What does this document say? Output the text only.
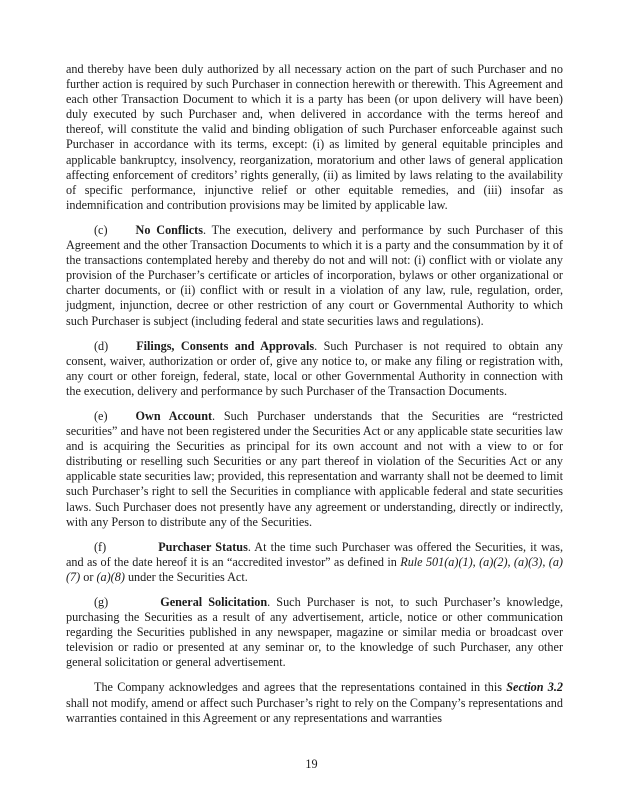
and thereby have been duly authorized by all necessary action on the part of such Purchaser and no further action is required by such Purchaser in connection herewith or therewith. This Agreement and each other Transaction Document to which it is a party has been (or upon delivery will have been) duly executed by such Purchaser and, when delivered in accordance with the terms hereof and thereof, will constitute the valid and binding obligation of such Purchaser enforceable against such Purchaser in accordance with its terms, except: (i) as limited by general equitable principles and applicable bankruptcy, insolvency, reorganization, moratorium and other laws of general application affecting enforcement of creditors’ rights generally, (ii) as limited by laws relating to the availability of specific performance, injunctive relief or other equitable remedies, and (iii) insofar as indemnification and contribution provisions may be limited by applicable law.

(c) No Conflicts. The execution, delivery and performance by such Purchaser of this Agreement and the other Transaction Documents to which it is a party and the consummation by it of the transactions contemplated hereby and thereby do not and will not: (i) conflict with or violate any provision of the Purchaser’s certificate or articles of incorporation, bylaws or other organizational or charter documents, or (ii) conflict with or result in a violation of any law, rule, regulation, order, judgment, injunction, decree or other restriction of any court or Governmental Authority to which such Purchaser is subject (including federal and state securities laws and regulations).

(d) Filings, Consents and Approvals. Such Purchaser is not required to obtain any consent, waiver, authorization or order of, give any notice to, or make any filing or registration with, any court or other foreign, federal, state, local or other Governmental Authority in connection with the execution, delivery and performance by such Purchaser of the Transaction Documents.

(e) Own Account. Such Purchaser understands that the Securities are “restricted securities” and have not been registered under the Securities Act or any applicable state securities law and is acquiring the Securities as principal for its own account and not with a view to or for distributing or reselling such Securities or any part thereof in violation of the Securities Act or any applicable state securities law; provided, this representation and warranty shall not be deemed to limit such Purchaser’s right to sell the Securities in compliance with applicable federal and state securities laws. Such Purchaser does not presently have any agreement or understanding, directly or indirectly, with any Person to distribute any of the Securities.

(f)	Purchaser Status. At the time such Purchaser was offered the Securities, it was, and as of the date hereof it is an “accredited investor” as defined in Rule 501(a)(1), (a)(2), (a)(3), (a)(7) or (a)(8) under the Securities Act.

(g)	General Solicitation. Such Purchaser is not, to such Purchaser’s knowledge, purchasing the Securities as a result of any advertisement, article, notice or other communication regarding the Securities published in any newspaper, magazine or similar media or broadcast over television or radio or presented at any seminar or, to the knowledge of such Purchaser, any other general solicitation or general advertisement.

The Company acknowledges and agrees that the representations contained in this Section 3.2 shall not modify, amend or affect such Purchaser’s right to rely on the Company’s representations and warranties contained in this Agreement or any representations and warranties

19
